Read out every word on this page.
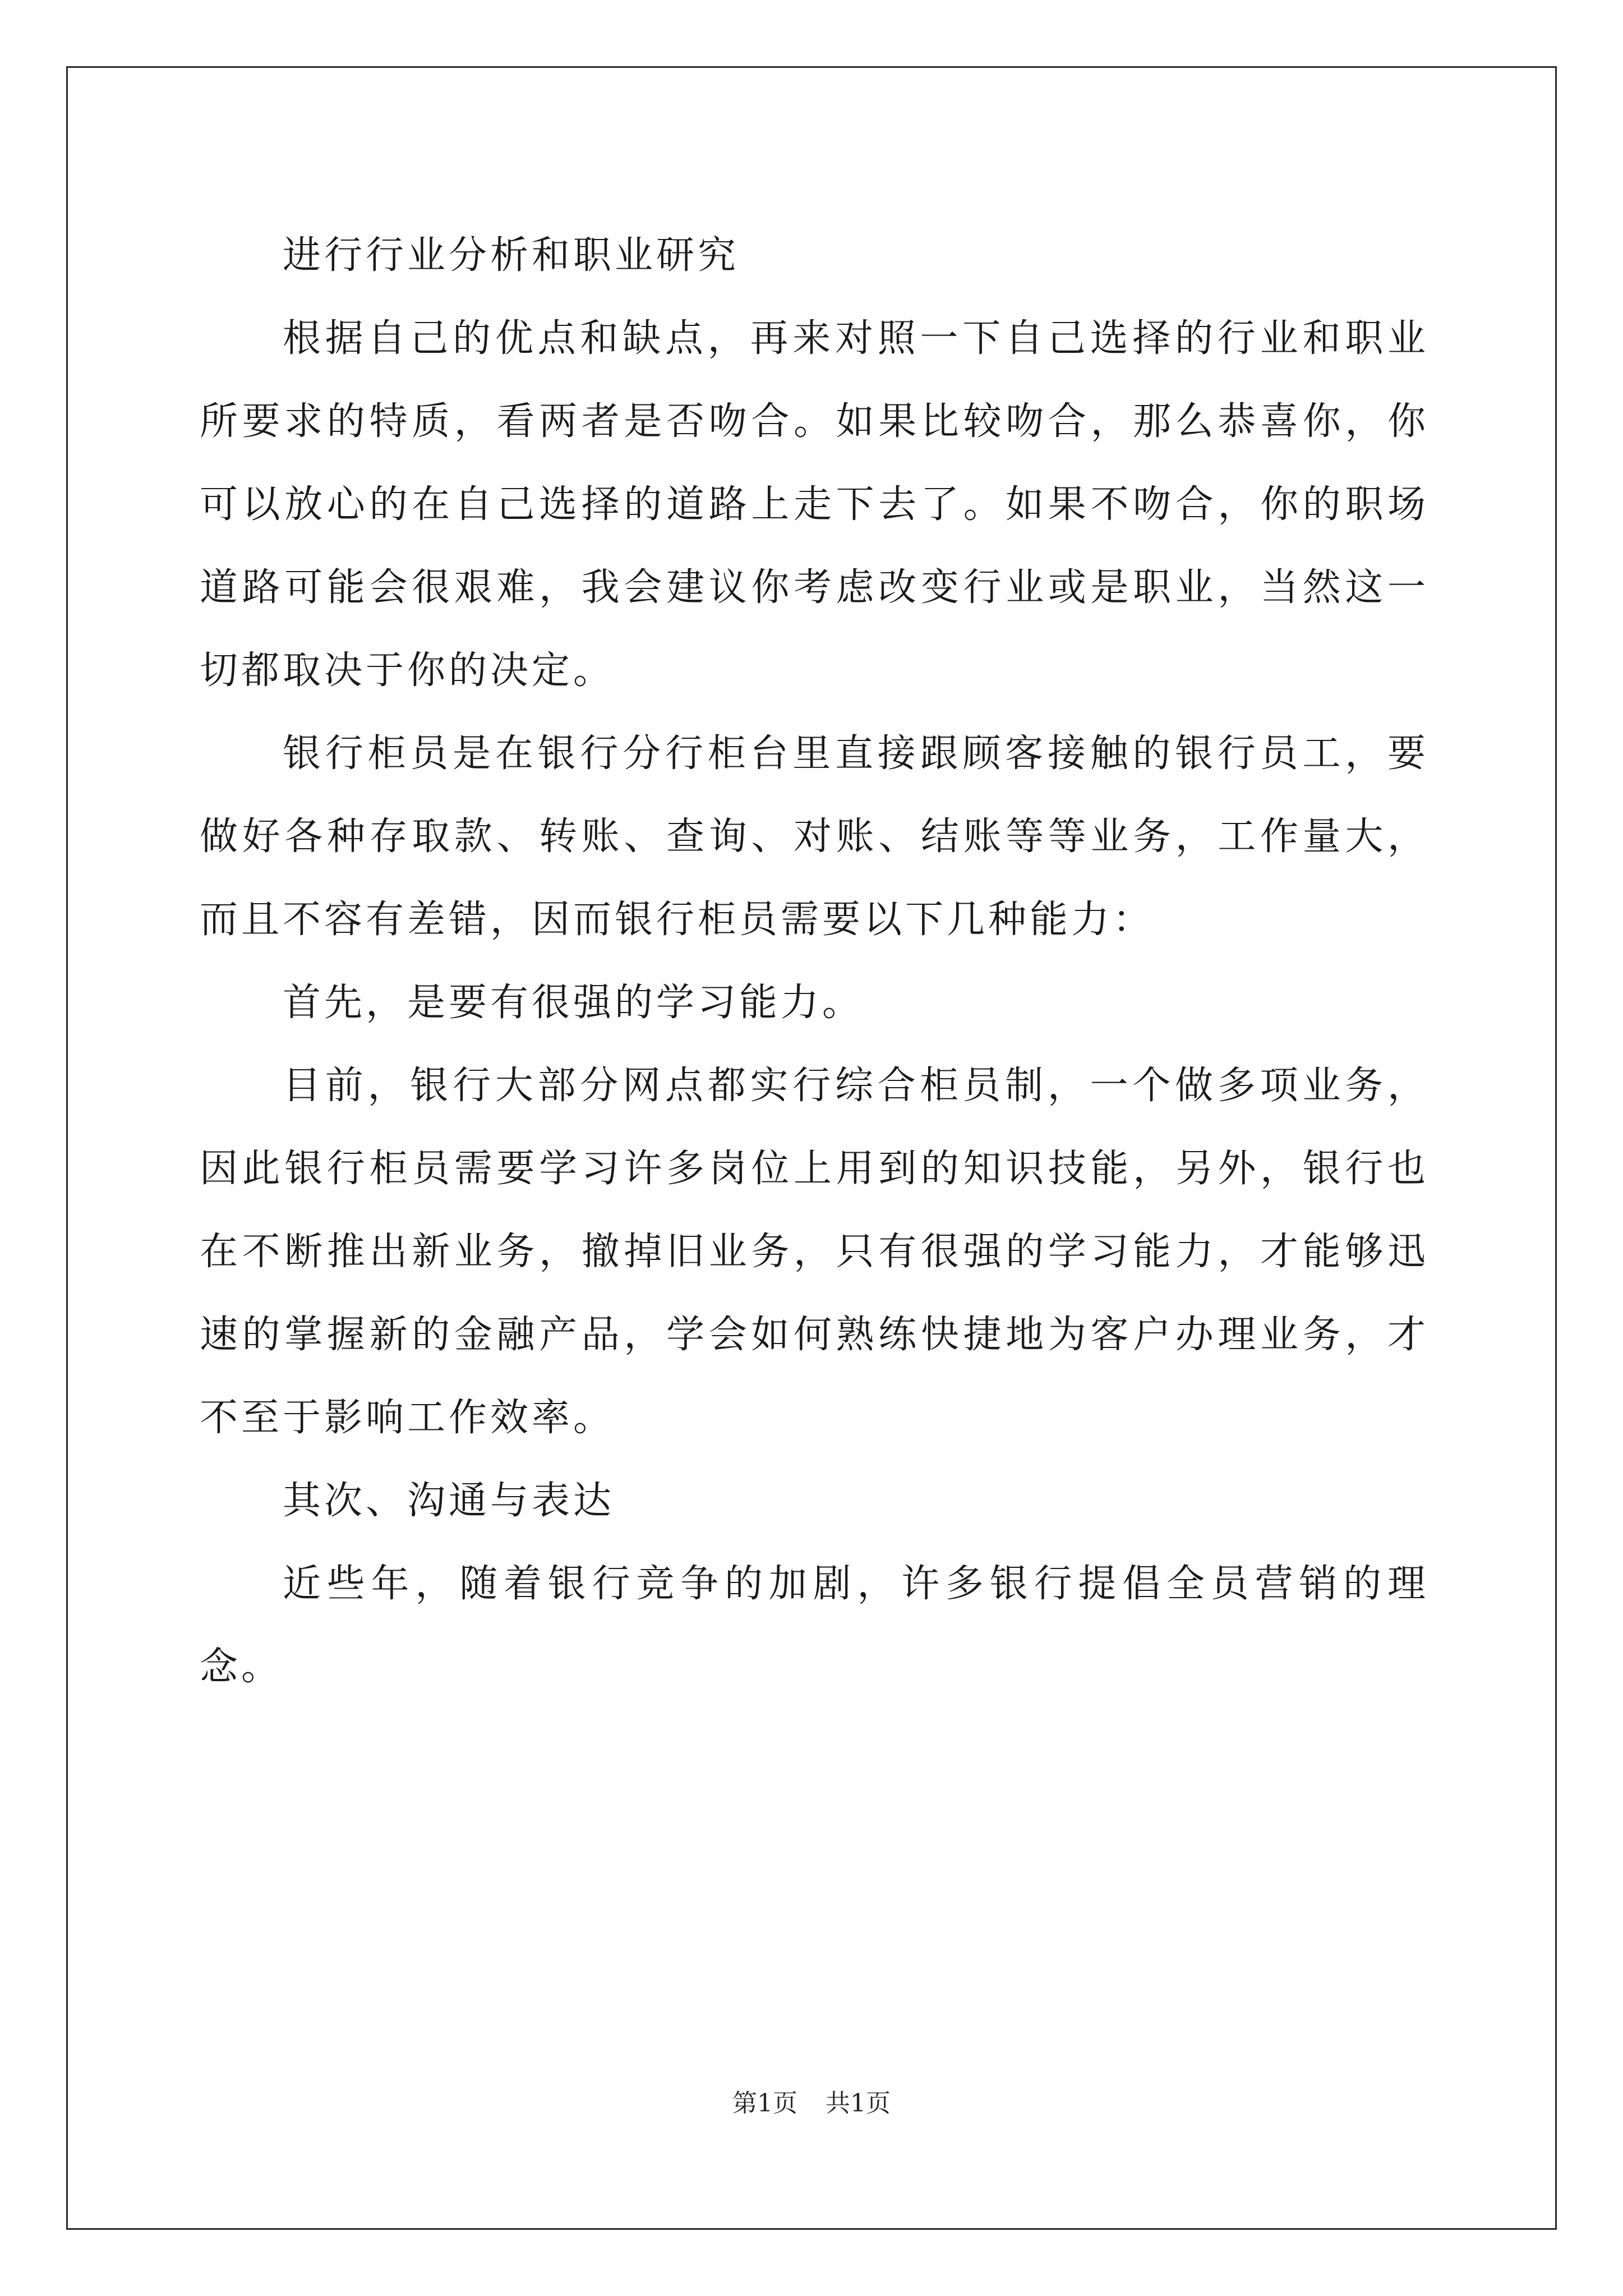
进行行业分析和职业研究

根据自己的优点和缺点，再来对照一下自己选择的行业和职业所要求的特质，看两者是否吻合。如果比较吻合，那么恭喜你，你可以放心的在自己选择的道路上走下去了。如果不吻合，你的职场道路可能会很艰难，我会建议你考虑改变行业或是职业，当然这一切都取决于你的决定。

银行柜员是在银行分行柜台里直接跟顾客接触的银行员工，要做好各种存取款、转账、查询、对账、结账等等业务，工作量大，而且不容有差错，因而银行柜员需要以下几种能力：

首先，是要有很强的学习能力。

目前，银行大部分网点都实行综合柜员制，一个做多项业务，因此银行柜员需要学习许多岗位上用到的知识技能，另外，银行也在不断推出新业务，撤掉旧业务，只有很强的学习能力，才能够迅速的掌握新的金融产品，学会如何熟练快捷地为客户办理业务，才不至于影响工作效率。

其次、沟通与表达

近些年，随着银行竞争的加剧，许多银行提倡全员营销的理念。

第1页 共1页
